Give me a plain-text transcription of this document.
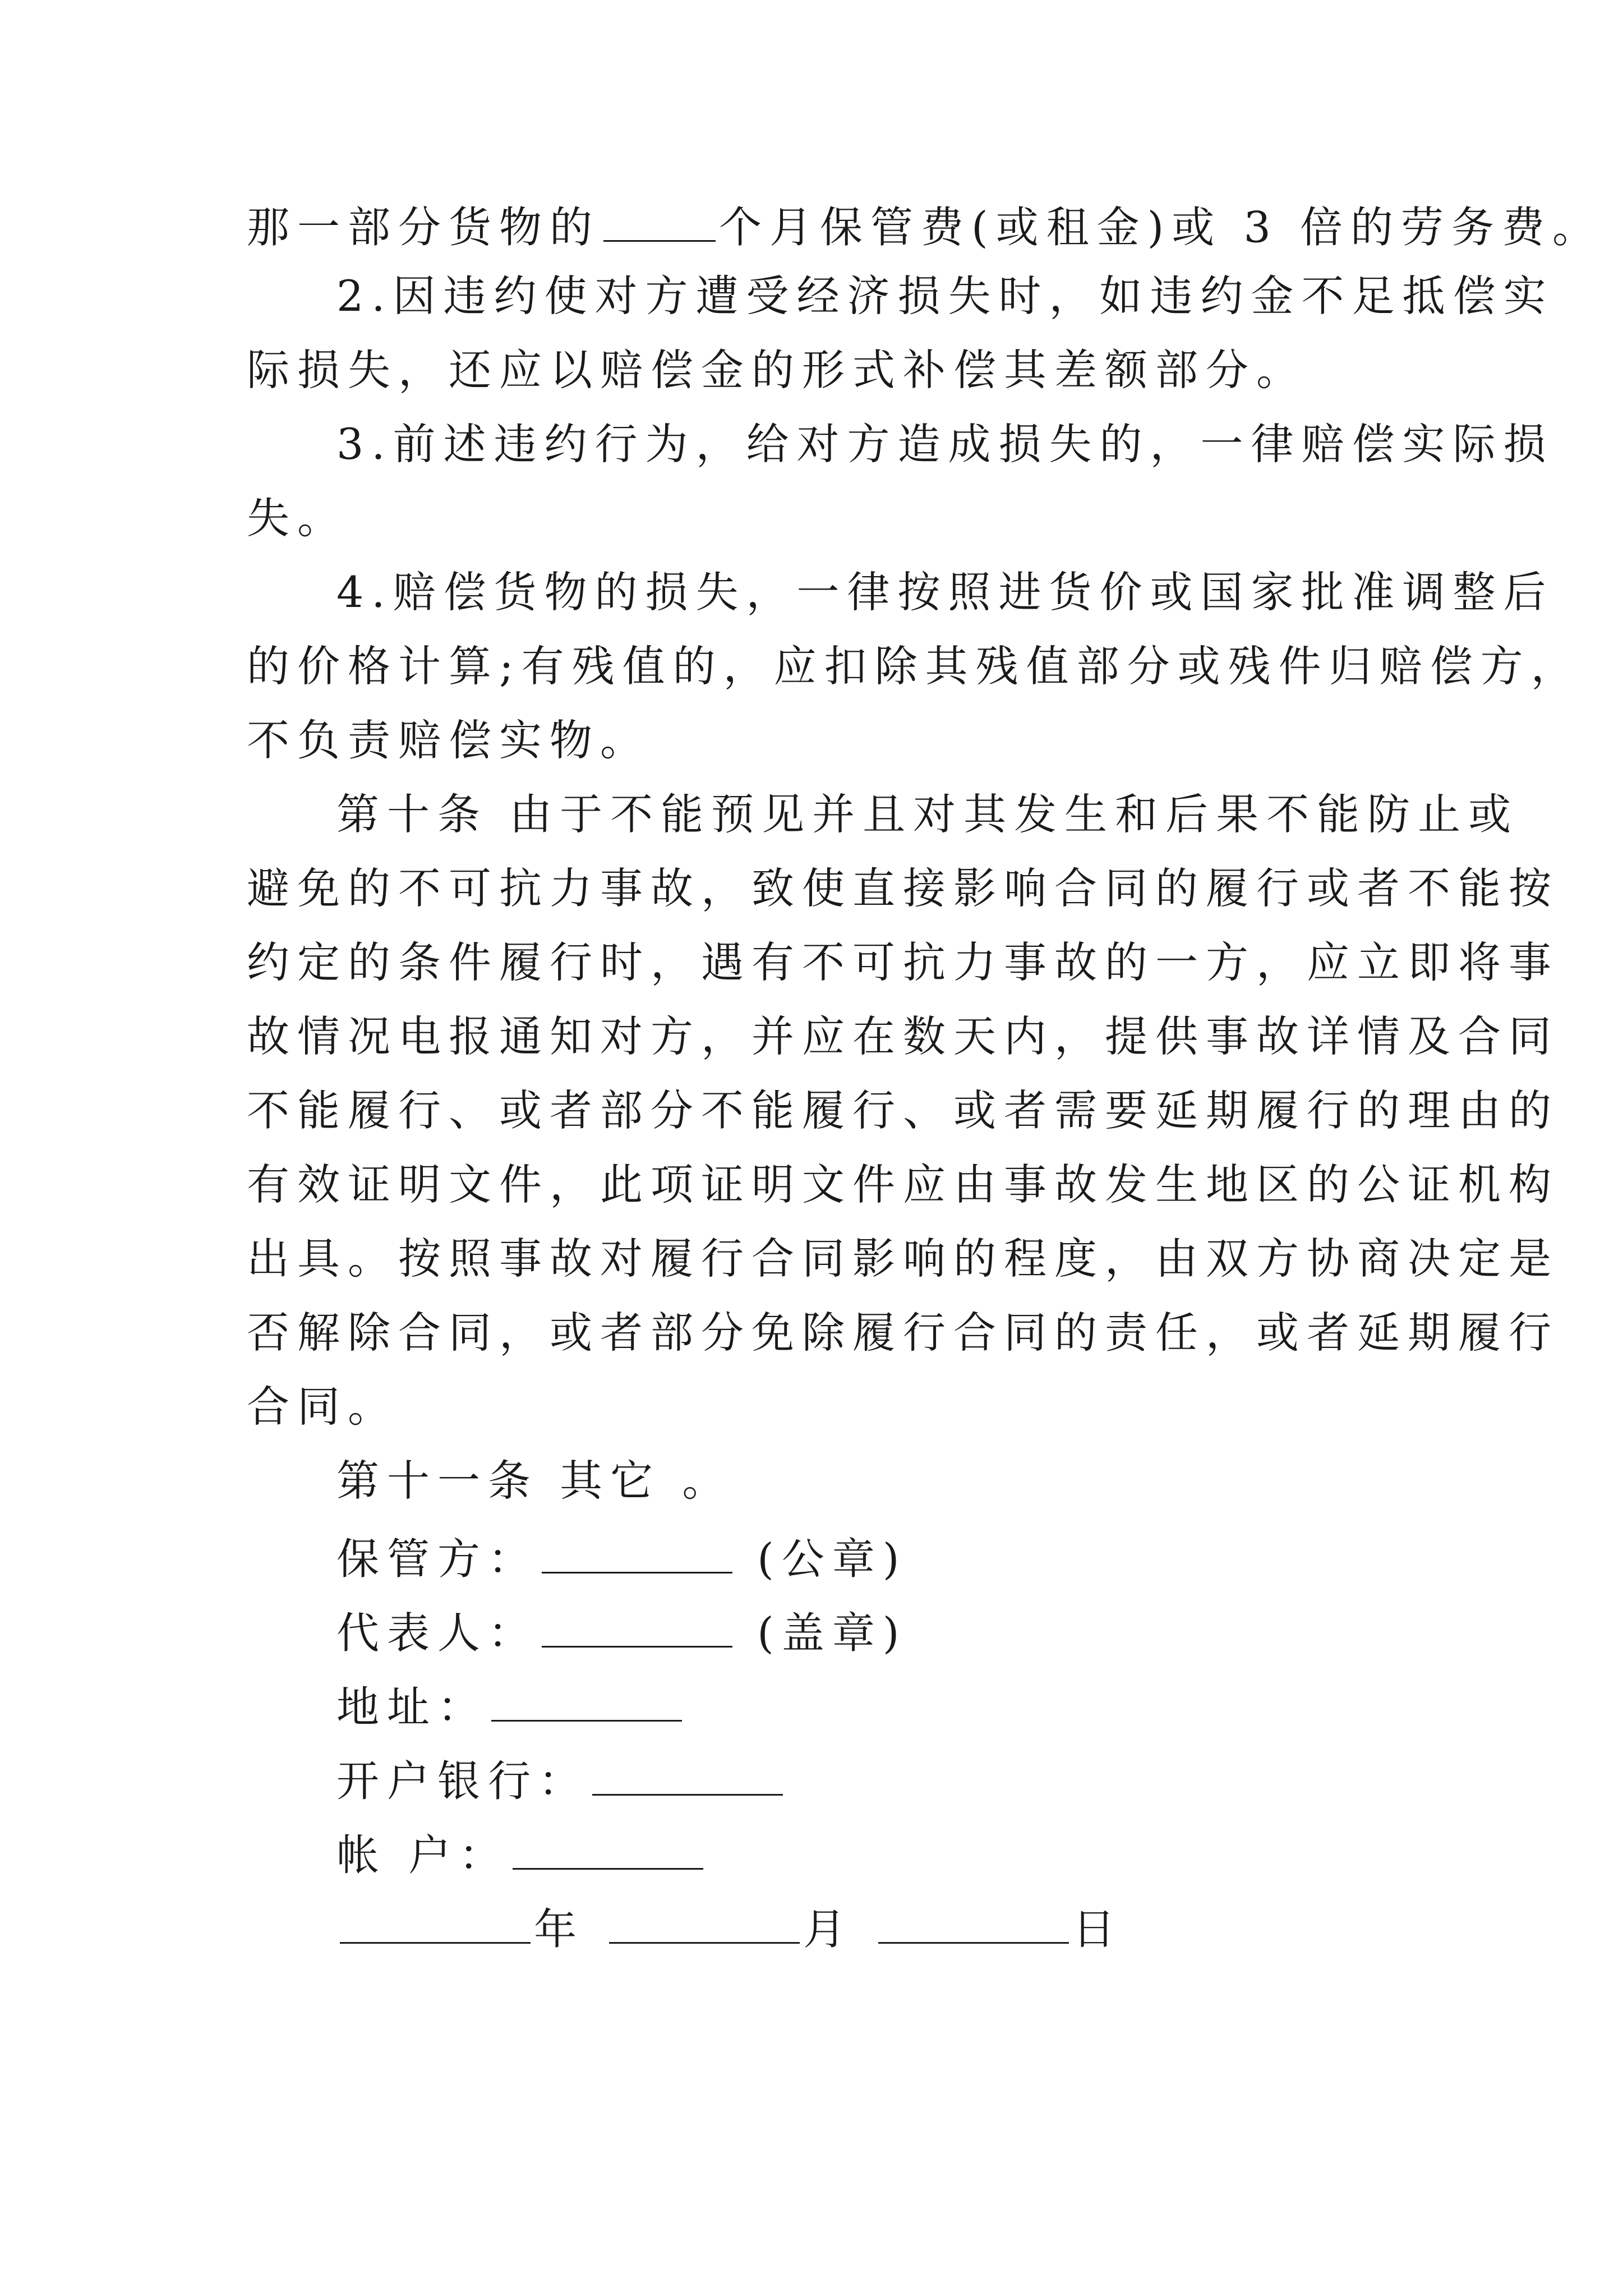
那一部分货物的	个月保管费(或租金)或 3 倍的劳务费。
2.因违约使对方遭受经济损失时，如违约金不足抵偿实
际损失，还应以赔偿金的形式补偿其差额部分。
3.前述违约行为，给对方造成损失的，一律赔偿实际损
失。
4.赔偿货物的损失，一律按照进货价或国家批准调整后
的价格计算;有残值的，应扣除其残值部分或残件归赔偿方，
不负责赔偿实物。
第十条 由于不能预见并且对其发生和后果不能防止或
避免的不可抗力事故，致使直接影响合同的履行或者不能按
约定的条件履行时，遇有不可抗力事故的一方，应立即将事
故情况电报通知对方，并应在数天内，提供事故详情及合同
不能履行、或者部分不能履行、或者需要延期履行的理由的
有效证明文件，此项证明文件应由事故发生地区的公证机构
出具。按照事故对履行合同影响的程度，由双方协商决定是
否解除合同，或者部分免除履行合同的责任，或者延期履行
合同。
第十一条 其它 。
保管方：	(公章)
代表人：	(盖章)
地址：
开户银行：
帐 户：
年	月	日
